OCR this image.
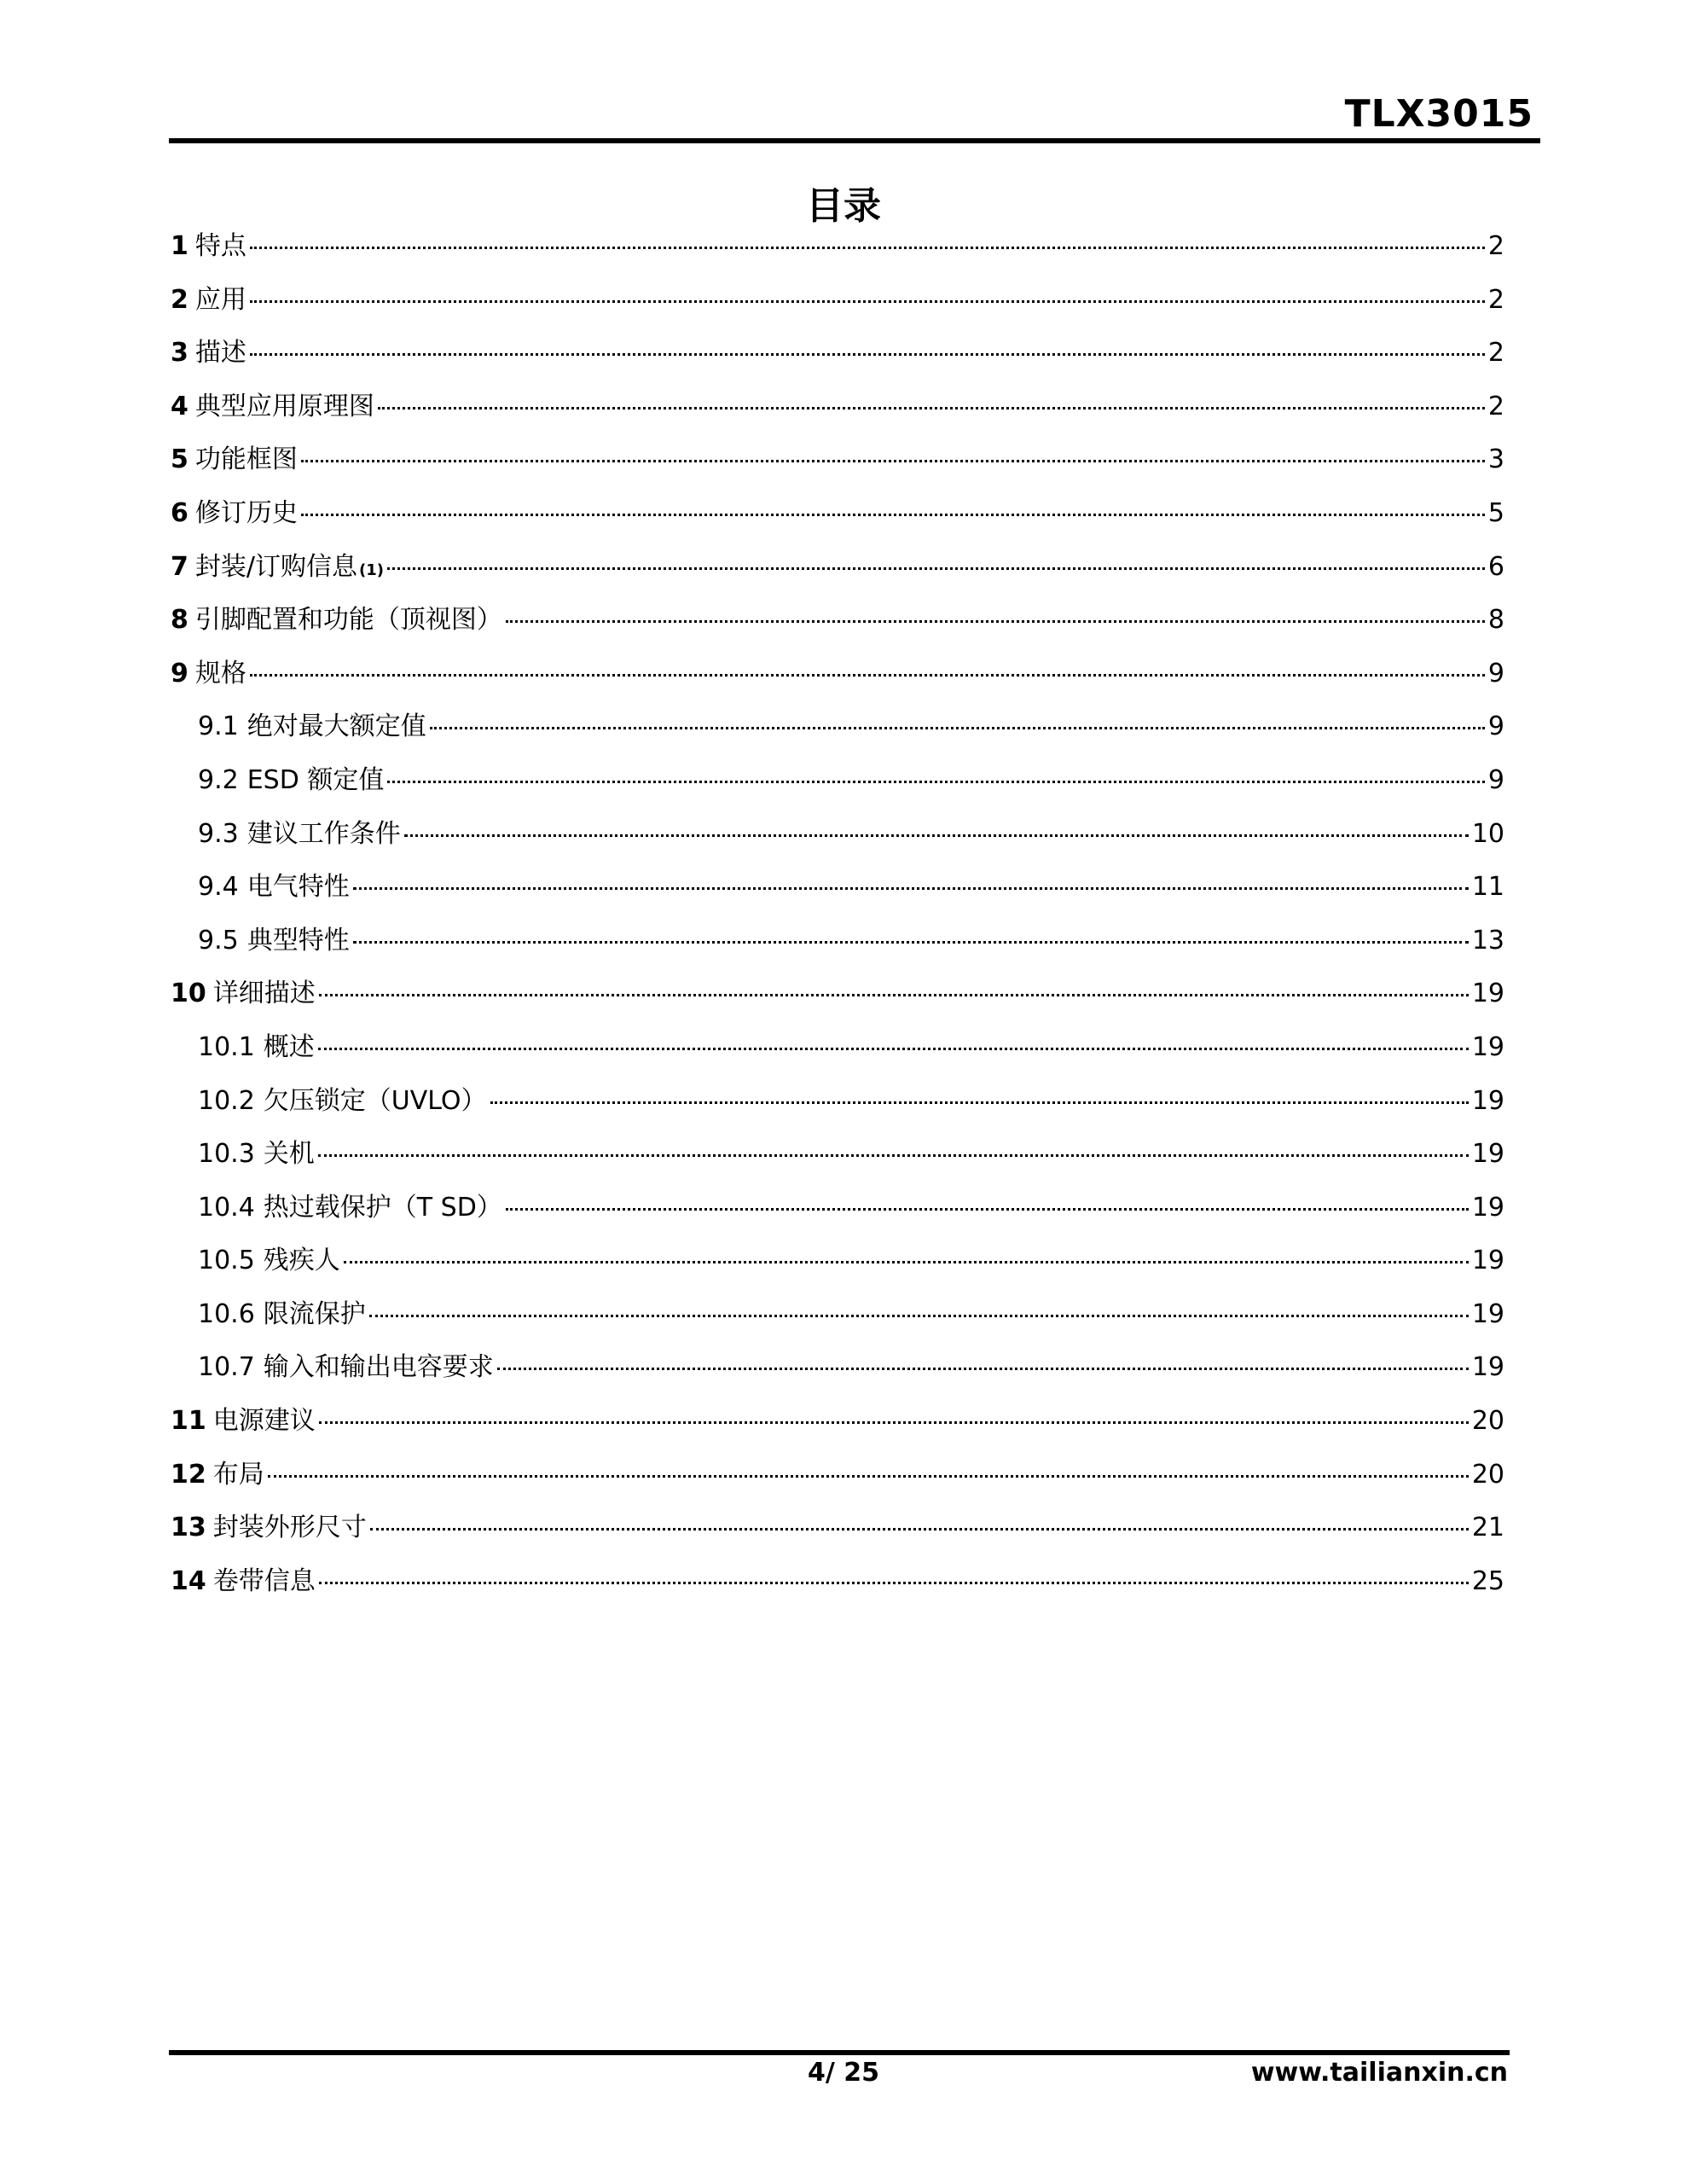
TLX3015
目录
1 特点	2
2 应用	2
3 描述	2
4 典型应用原理图	2
5 功能框图	3
6 修订历史	5
7 封装/订购信息 (1)	6
8 引脚配置和功能（顶视图）	8
9 规格	9
9.1 绝对最大额定值	9
9.2 ESD 额定值	9
9.3 建议工作条件	10
9.4 电气特性	11
9.5 典型特性	13
10 详细描述	19
10.1 概述	19
10.2 欠压锁定（UVLO）	19
10.3 关机	19
10.4 热过载保护（T SD）	19
10.5 残疾人	19
10.6 限流保护	19
10.7 输入和输出电容要求	19
11 电源建议	20
12 布局	20
13 封装外形尺寸	21
14 卷带信息	25
4/ 25	www.tailianxin.cn
